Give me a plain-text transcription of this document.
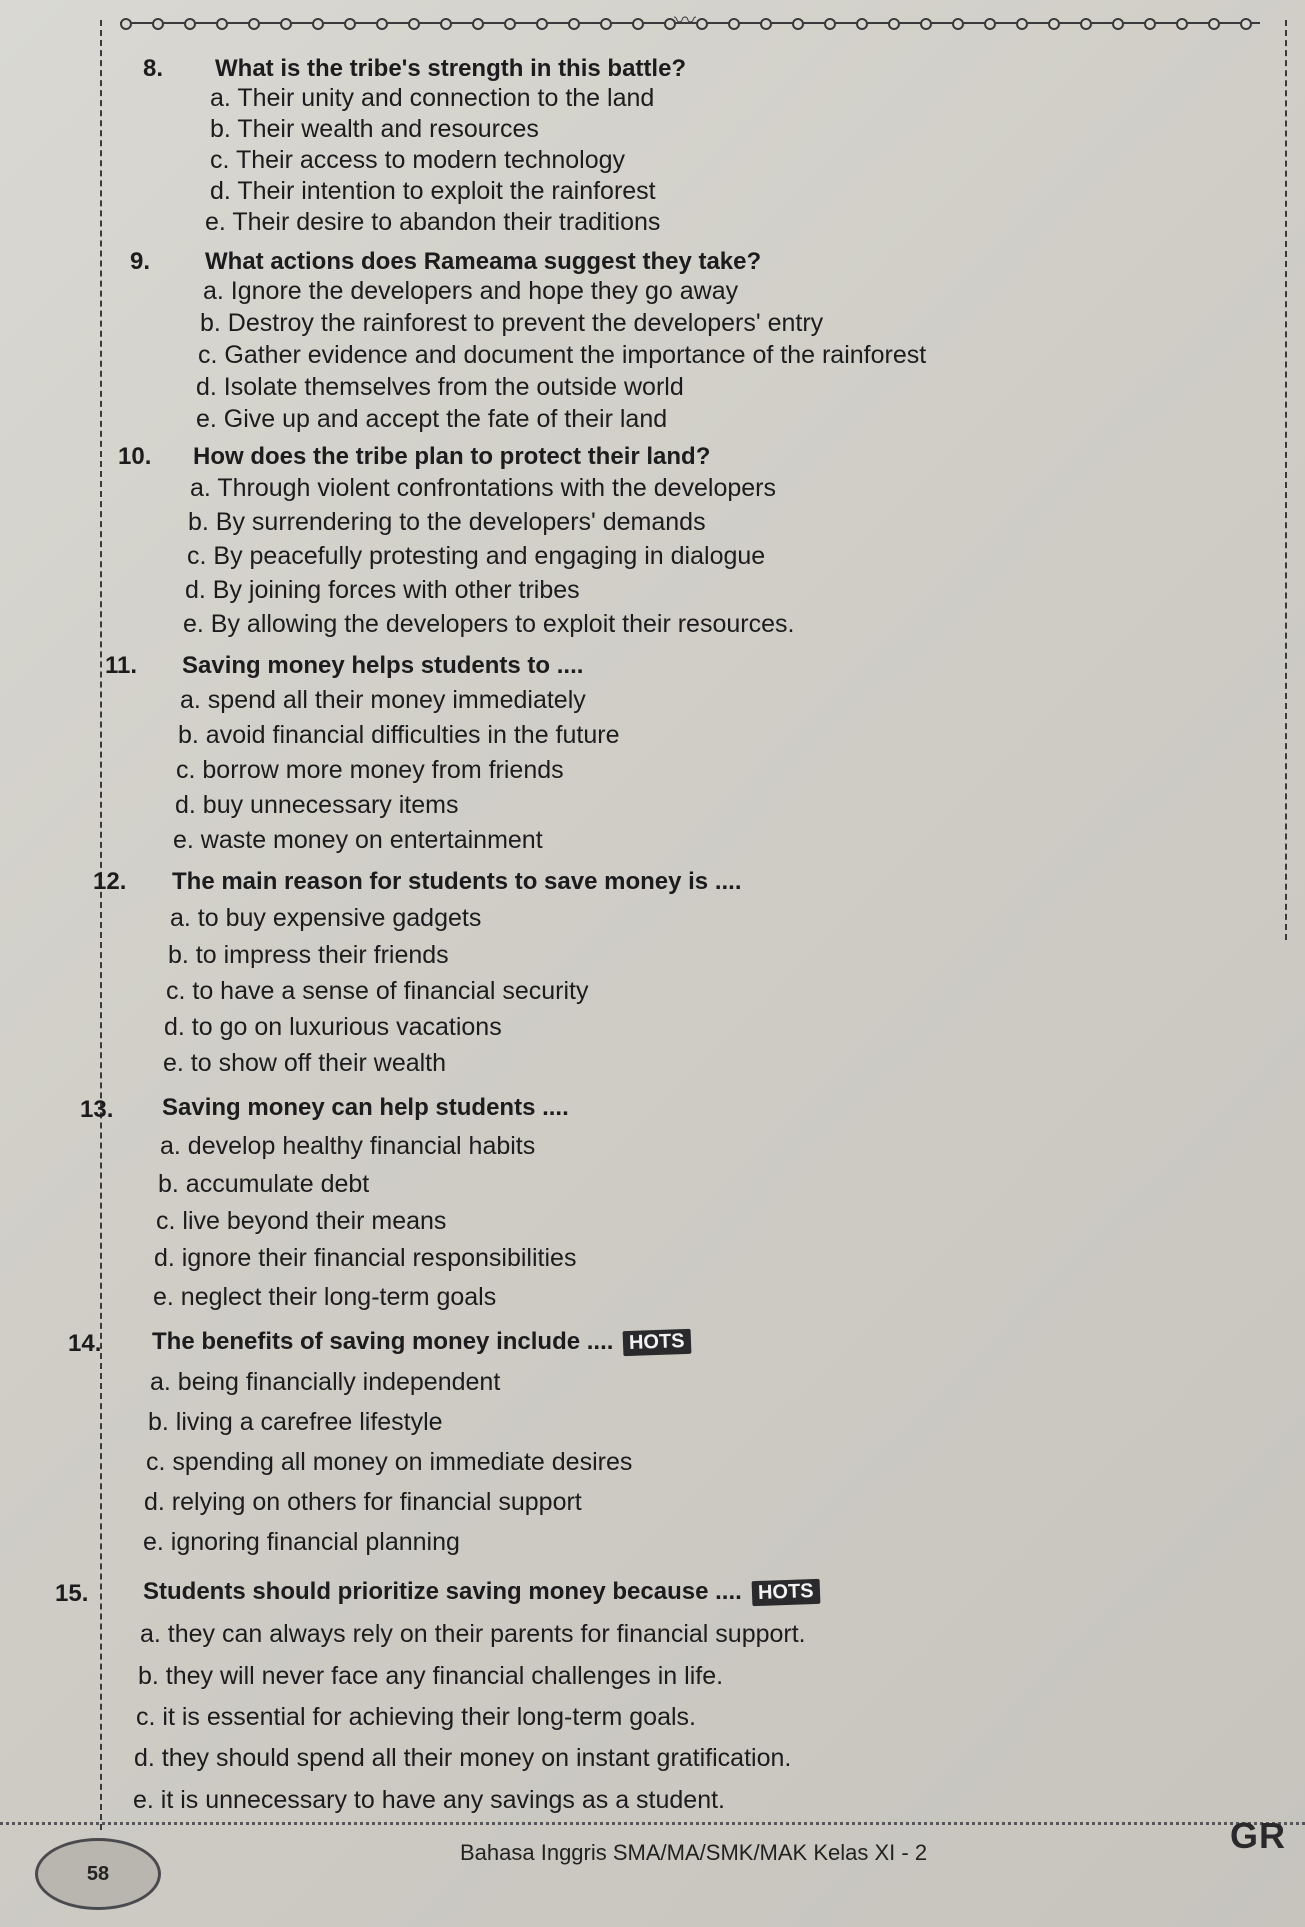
〰
8. What is the tribe's strength in this battle?
a. Their unity and connection to the land
b. Their wealth and resources
c. Their access to modern technology
d. Their intention to exploit the rainforest
e. Their desire to abandon their traditions
9. What actions does Rameama suggest they take?
a. Ignore the developers and hope they go away
b. Destroy the rainforest to prevent the developers' entry
c. Gather evidence and document the importance of the rainforest
d. Isolate themselves from the outside world
e. Give up and accept the fate of their land
10. How does the tribe plan to protect their land?
a. Through violent confrontations with the developers
b. By surrendering to the developers' demands
c. By peacefully protesting and engaging in dialogue
d. By joining forces with other tribes
e. By allowing the developers to exploit their resources.
11. Saving money helps students to ....
a. spend all their money immediately
b. avoid financial difficulties in the future
c. borrow more money from friends
d. buy unnecessary items
e. waste money on entertainment
12. The main reason for students to save money is ....
a. to buy expensive gadgets
b. to impress their friends
c. to have a sense of financial security
d. to go on luxurious vacations
e. to show off their wealth
13. Saving money can help students ....
a. develop healthy financial habits
b. accumulate debt
c. live beyond their means
d. ignore their financial responsibilities
e. neglect their long-term goals
14. The benefits of saving money include .... HOTS
a. being financially independent
b. living a carefree lifestyle
c. spending all money on immediate desires
d. relying on others for financial support
e. ignoring financial planning
15. Students should prioritize saving money because .... HOTS
a. they can always rely on their parents for financial support.
b. they will never face any financial challenges in life.
c. it is essential for achieving their long-term goals.
d. they should spend all their money on instant gratification.
e. it is unnecessary to have any savings as a student.
58
Bahasa Inggris SMA/MA/SMK/MAK Kelas XI - 2	GR
